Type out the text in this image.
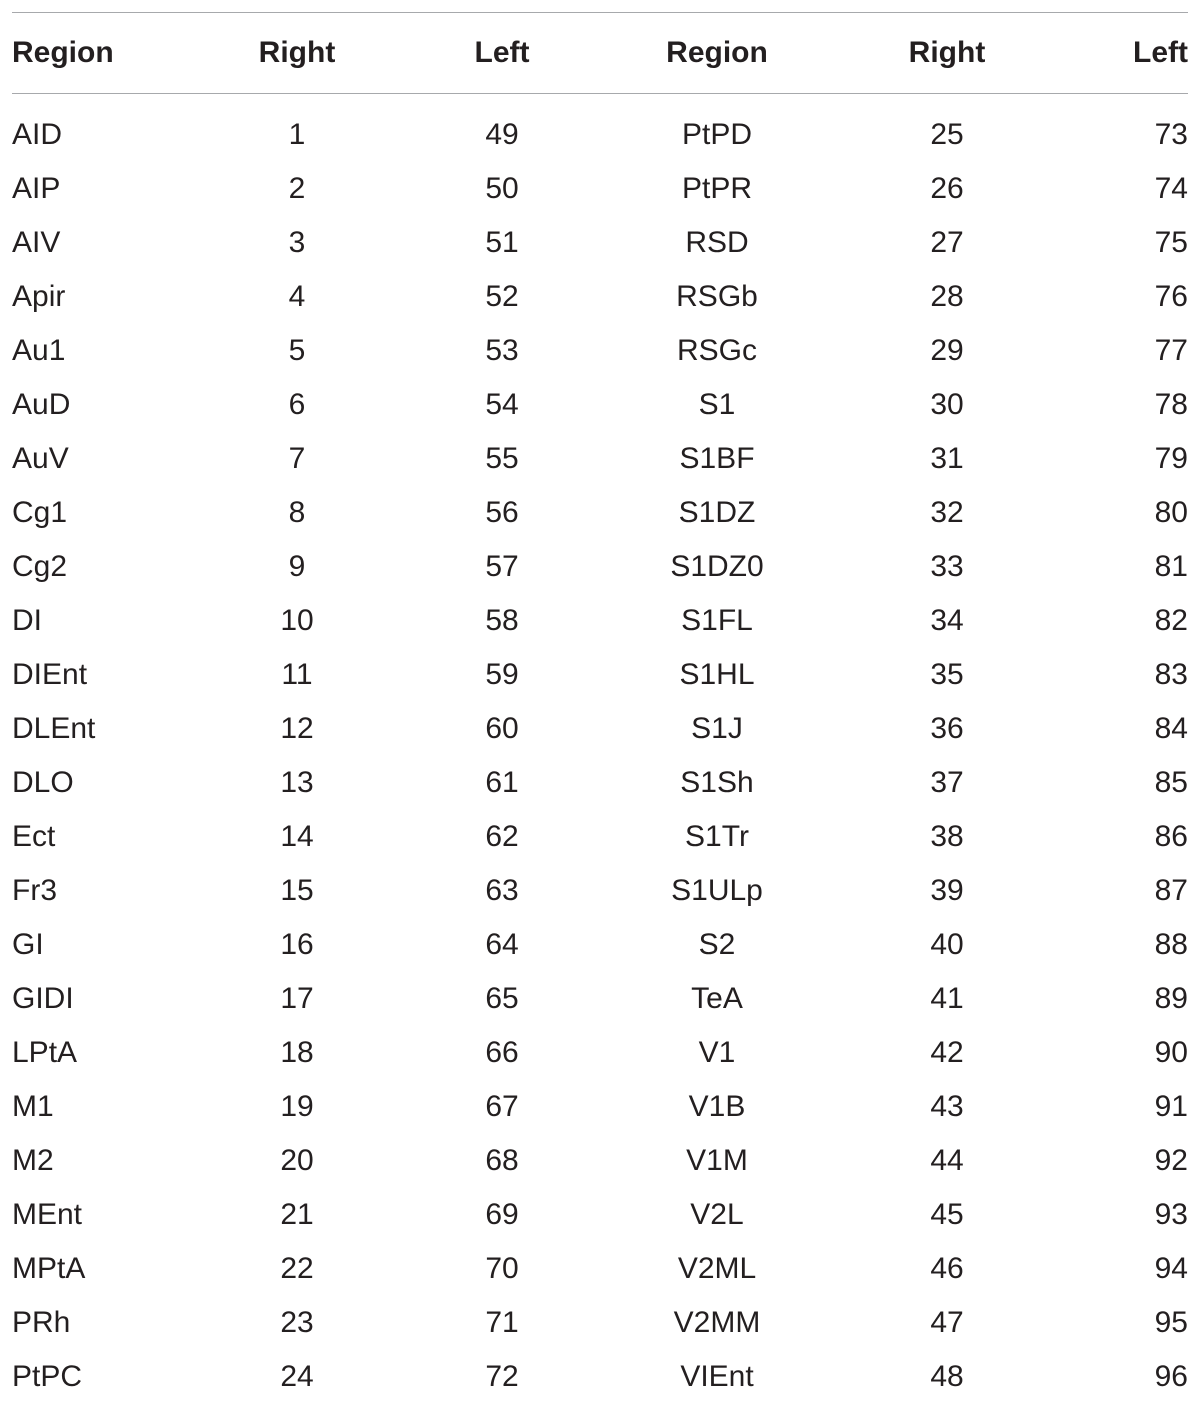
Region	Right	Left	Region	Right	Left
AID	1	49	PtPD	25	73
AIP	2	50	PtPR	26	74
AIV	3	51	RSD	27	75
Apir	4	52	RSGb	28	76
Au1	5	53	RSGc	29	77
AuD	6	54	S1	30	78
AuV	7	55	S1BF	31	79
Cg1	8	56	S1DZ	32	80
Cg2	9	57	S1DZ0	33	81
DI	10	58	S1FL	34	82
DIEnt	11	59	S1HL	35	83
DLEnt	12	60	S1J	36	84
DLO	13	61	S1Sh	37	85
Ect	14	62	S1Tr	38	86
Fr3	15	63	S1ULp	39	87
GI	16	64	S2	40	88
GIDI	17	65	TeA	41	89
LPtA	18	66	V1	42	90
M1	19	67	V1B	43	91
M2	20	68	V1M	44	92
MEnt	21	69	V2L	45	93
MPtA	22	70	V2ML	46	94
PRh	23	71	V2MM	47	95
PtPC	24	72	VIEnt	48	96
